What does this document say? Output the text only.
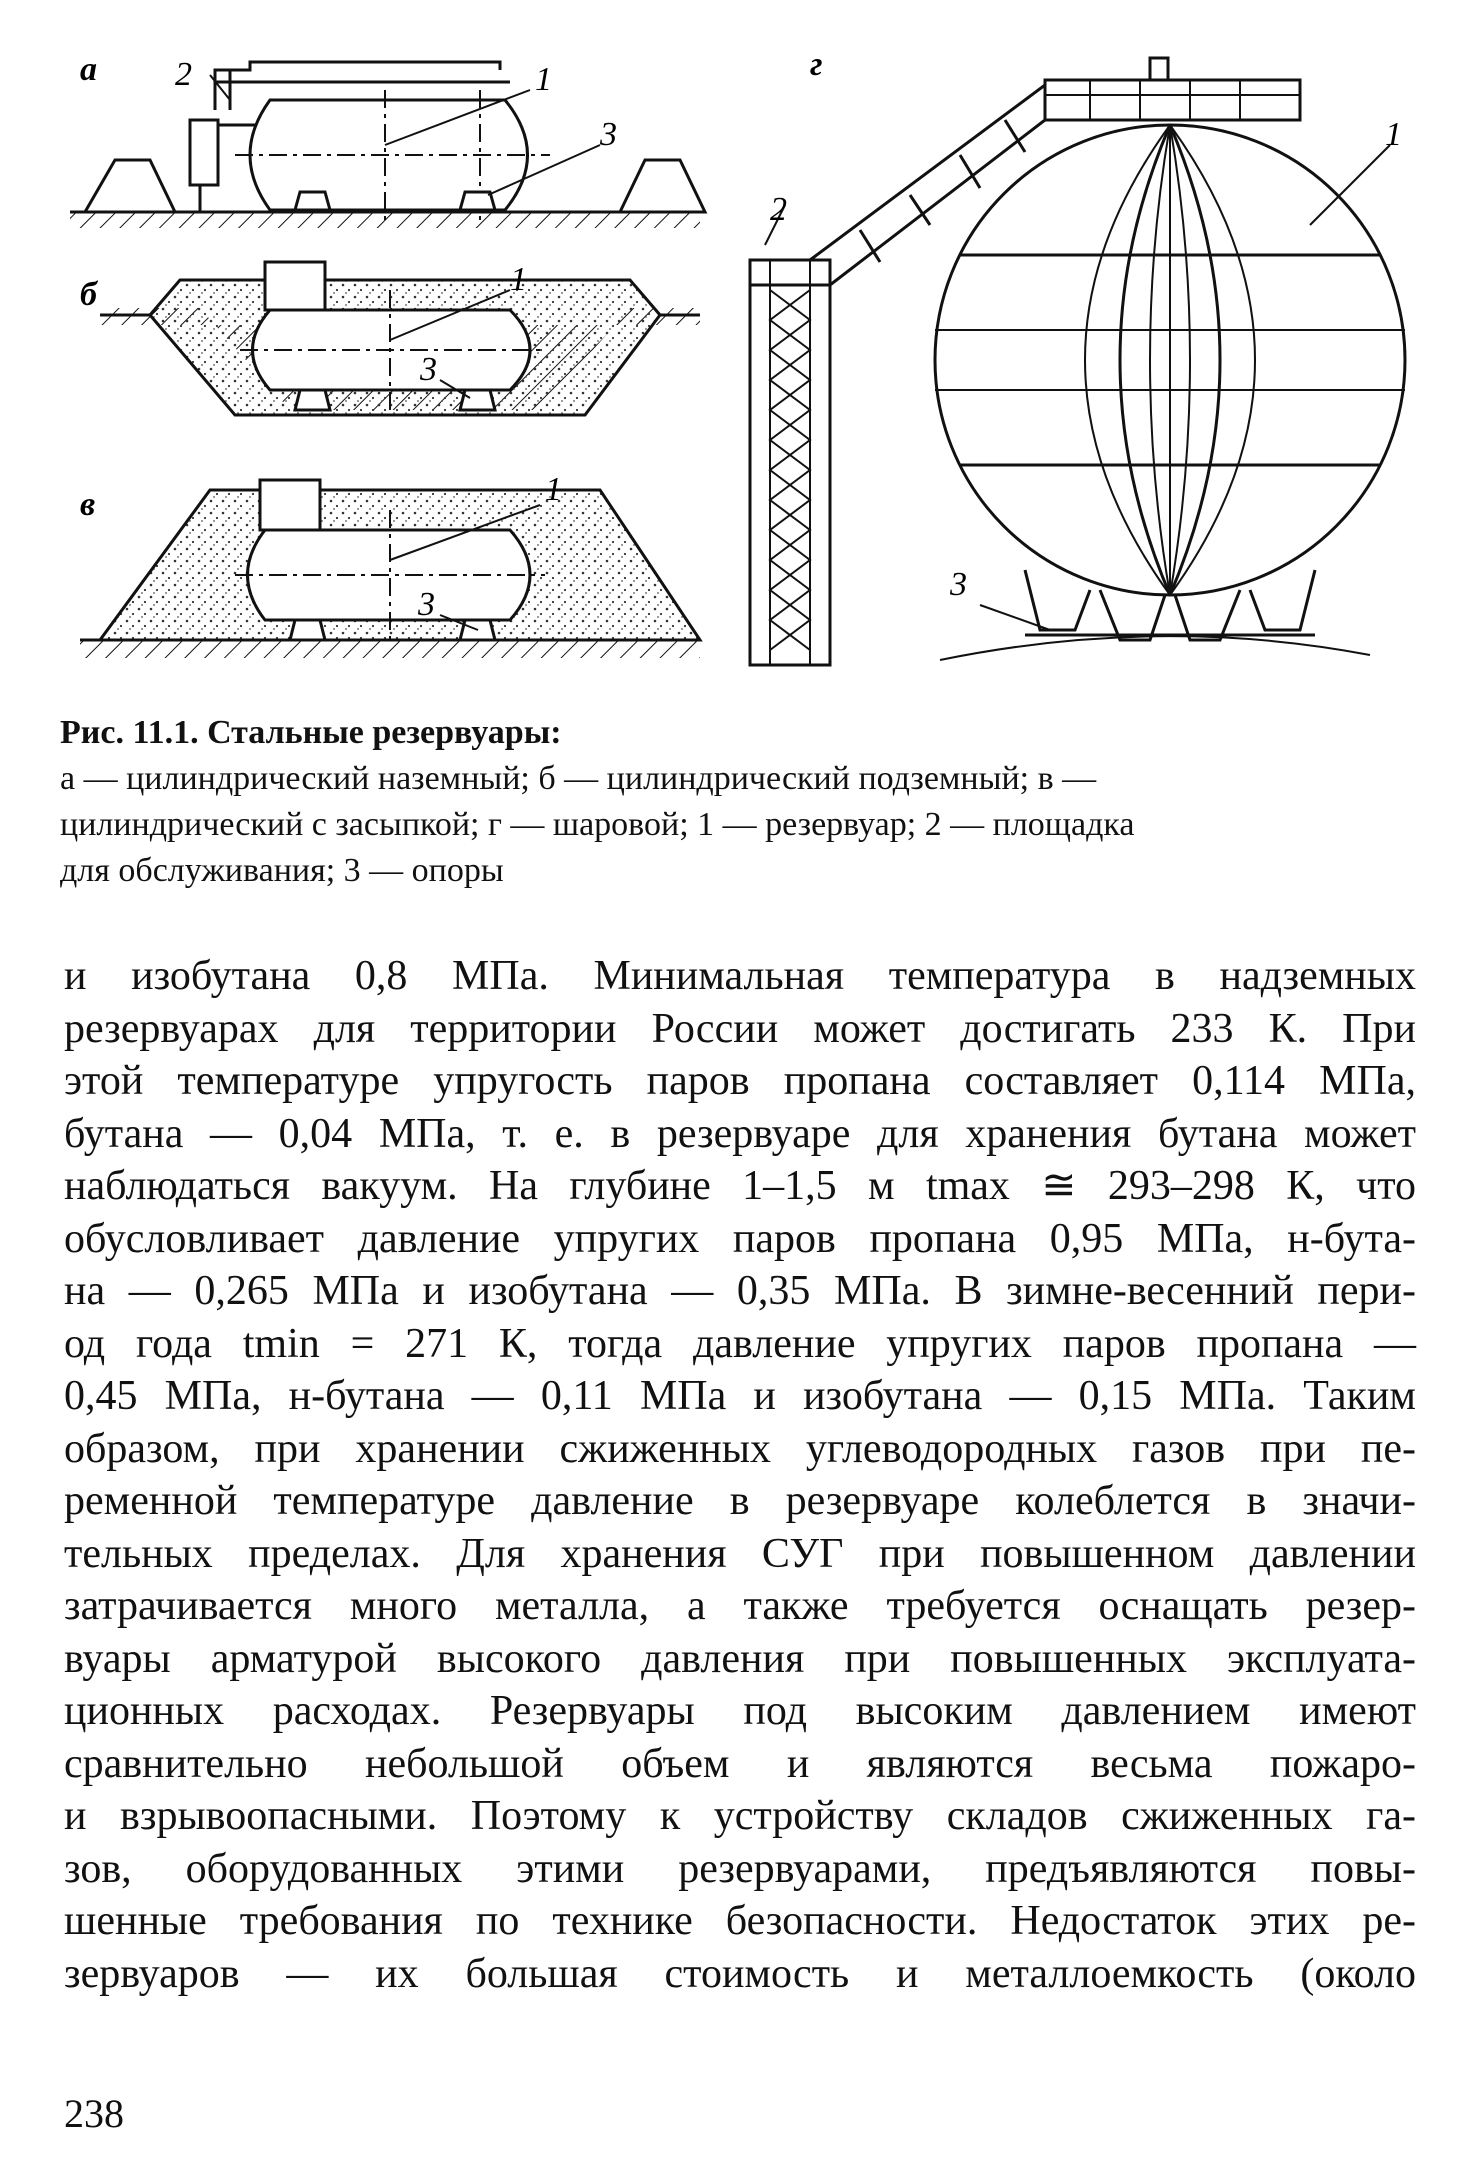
а	1
2
3
б	1
3
в	1
3
г
1
2
3
Рис. 11.1. Стальные резервуары:
а — цилиндрический наземный; б — цилиндрический подземный; в —
цилиндрический с засыпкой; г — шаровой; 1 — резервуар; 2 — площадка
для обслуживания; 3 — опоры
и изобутана 0,8 МПа. Минимальная температура в надземных
резервуарах для территории России может достигать 233 К. При
этой температуре упругость паров пропана составляет 0,114 МПа,
бутана — 0,04 МПа, т. е. в резервуаре для хранения бутана может
наблюдаться вакуум. На глубине 1–1,5 м tmax ≅ 293–298 К, что
обусловливает давление упругих паров пропана 0,95 МПа, н-бута-
на — 0,265 МПа и изобутана — 0,35 МПа. В зимне-весенний пери-
од года tmin = 271 К, тогда давление упругих паров пропана —
0,45 МПа, н-бутана — 0,11 МПа и изобутана — 0,15 МПа. Таким
образом, при хранении сжиженных углеводородных газов при пе-
ременной температуре давление в резервуаре колеблется в значи-
тельных пределах. Для хранения СУГ при повышенном давлении
затрачивается много металла, а также требуется оснащать резер-
вуары арматурой высокого давления при повышенных эксплуата-
ционных расходах. Резервуары под высоким давлением имеют
сравнительно небольшой объем и являются весьма пожаро-
и взрывоопасными. Поэтому к устройству складов сжиженных га-
зов, оборудованных этими резервуарами, предъявляются повы-
шенные требования по технике безопасности. Недостаток этих ре-
зервуаров — их большая стоимость и металлоемкость (около
238
